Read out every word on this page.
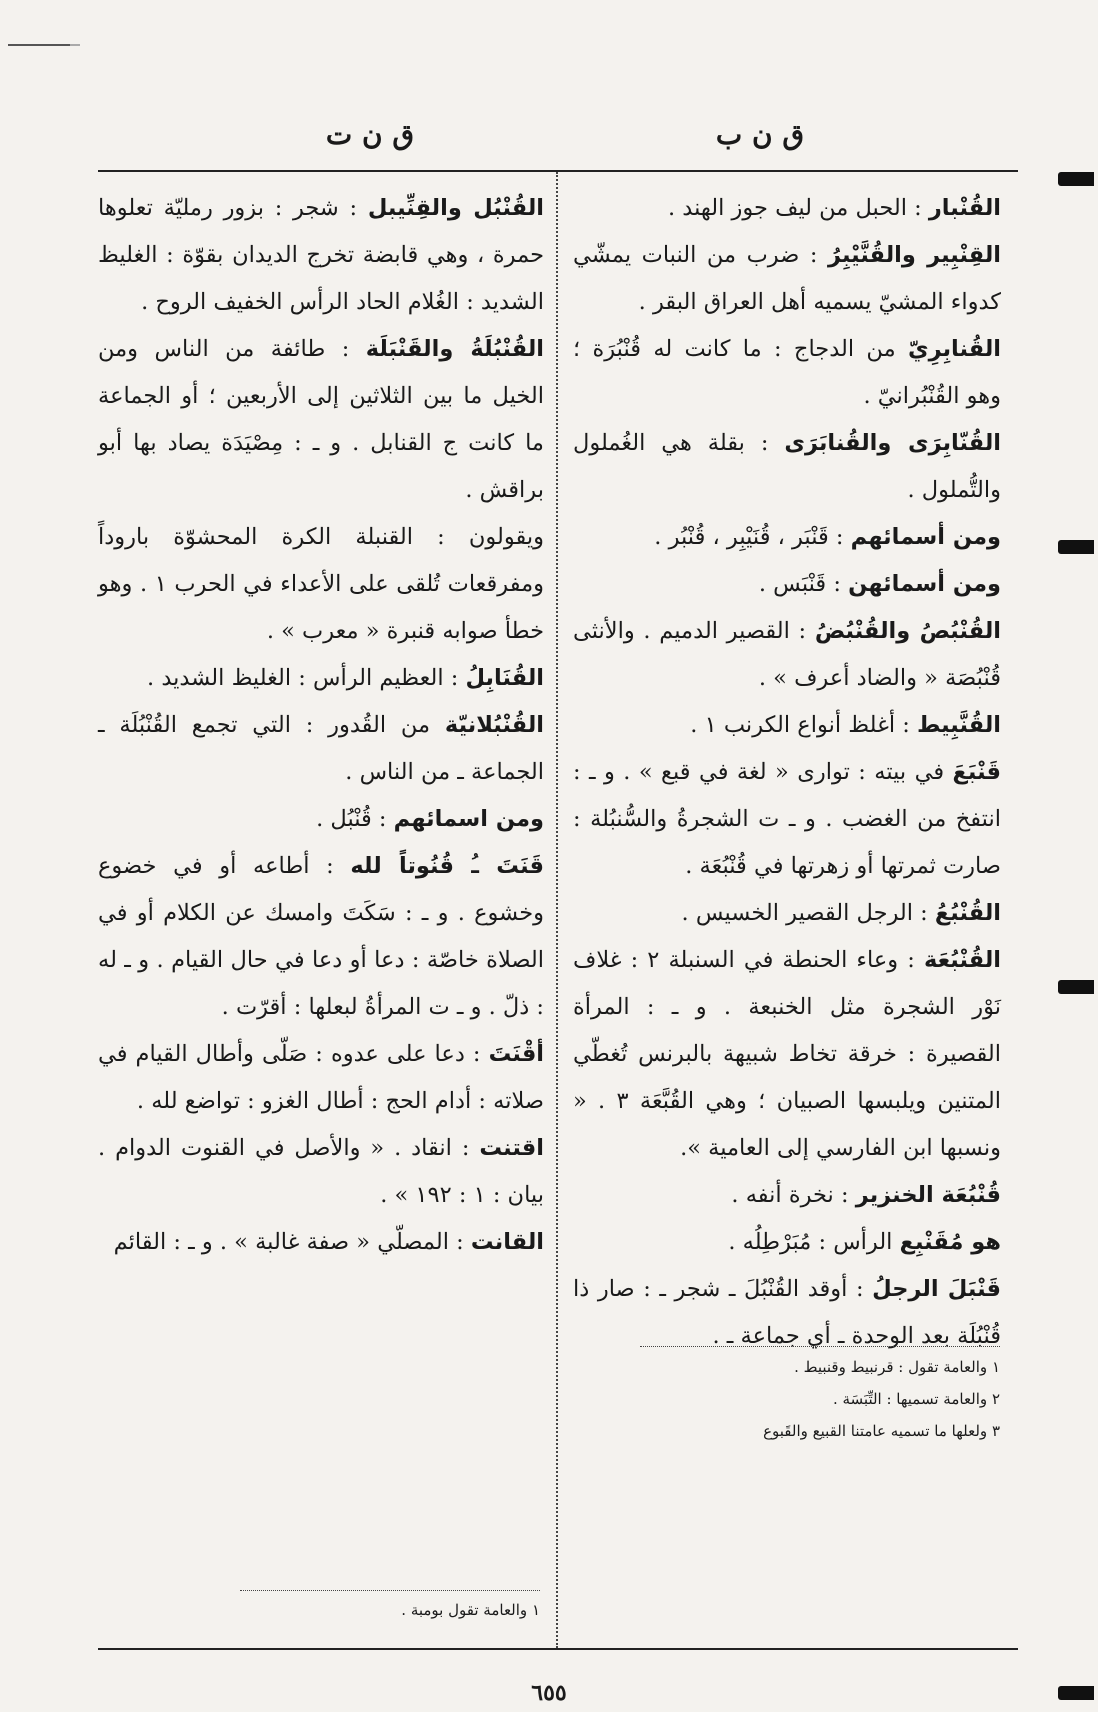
ق ن ب
ق ن ت

القُنْبار : الحبل من ليف جوز الهند .

القِنْبِير والقُنَّيْبِرُ : ضرب من النبات يمشّي كدواء المشيّ يسميه أهل العراق البقر .

القُنابِرِيّ من الدجاج : ما كانت له قُنْبُرَة ؛ وهو القُنْبُرانيّ .

القُنّابِرَى والقُنابَرَى : بقلة هي الغُملول والتُّملول .

ومن أسمائهم : قَنْبَر ، قُنَيْبِر ، قُنْبُر .

ومن أسمائهن : قَنْبَس .

القُنْبُصُ والقُنْبُضُ : القصير الدميم . والأنثى قُنْبُصَة « والضاد أعرف » .

القُنَّبِيط : أغلظ أنواع الكرنب ١ .

قَنْبَعَ في بيته : توارى « لغة في قبع » . و ـ : انتفخ من الغضب . و ـ ت الشجرةُ والسُّنبُلة : صارت ثمرتها أو زهرتها في قُنْبُعَة .

القُنْبُعُ : الرجل القصير الخسيس .

القُنْبُعَة : وعاء الحنطة في السنبلة ٢ : غلاف نَوْر الشجرة مثل الخنبعة . و ـ : المرأة القصيرة : خرقة تخاط شبيهة بالبرنس تُغطّي المتنين ويلبسها الصبيان ؛ وهي القُبَّعَة ٣ . « ونسبها ابن الفارسي إلى العامية ».

قُنْبُعَة الخنزير : نخرة أنفه .

هو مُقَنْبِع الرأس : مُبَرْطِلُه .

قَنْبَلَ الرجلُ : أوقد القُنْبُلَ ـ شجر ـ : صار ذا قُنْبُلَة بعد الوحدة ـ أي جماعة ـ .

القُنْبُل والقِنِّيبل : شجر : بزور رمليّة تعلوها حمرة ، وهي قابضة تخرج الديدان بقوّة : الغليظ الشديد : الغُلام الحاد الرأس الخفيف الروح .

القُنْبُلَةُ والقَنْبَلَة : طائفة من الناس ومن الخيل ما بين الثلاثين إلى الأربعين ؛ أو الجماعة ما كانت ج القنابل . و ـ : مِصْيَدَة يصاد بها أبو براقش .

ويقولون : القنبلة الكرة المحشوّة باروداً ومفرقعات تُلقى على الأعداء في الحرب ١ . وهو خطأ صوابه قنبرة « معرب » .

القُنَابِلُ : العظيم الرأس : الغليظ الشديد .

القُنْبُلانيّة من القُدور : التي تجمع القُنْبُلَة ـ الجماعة ـ من الناس .

ومن اسمائهم : قُنْبُل .

قَنَتَ ـُ قُنُوتاً لله : أطاعه أو في خضوع وخشوع . و ـ : سَكَتَ وامسك عن الكلام أو في الصلاة خاصّة : دعا أو دعا في حال القيام . و ـ له : ذلّ . و ـ ت المرأةُ لبعلها : أقرّت .

أقْنَتَ : دعا على عدوه : صَلّى وأطال القيام في صلاته : أدام الحج : أطال الغزو : تواضع لله .

اقتنت : انقاد . « والأصل في القنوت الدوام . بيان : ١ : ١٩٢ » .

القانت : المصلّي « صفة غالبة » . و ـ : القائم

١ والعامة تقول : قرنبيط وقنبيط .
٢ والعامة تسميها : التِّبَسَة .
٣ ولعلها ما تسميه عامتنا القبيع والقَبوع
١ والعامة تقول بومبة .
٦٥٥
